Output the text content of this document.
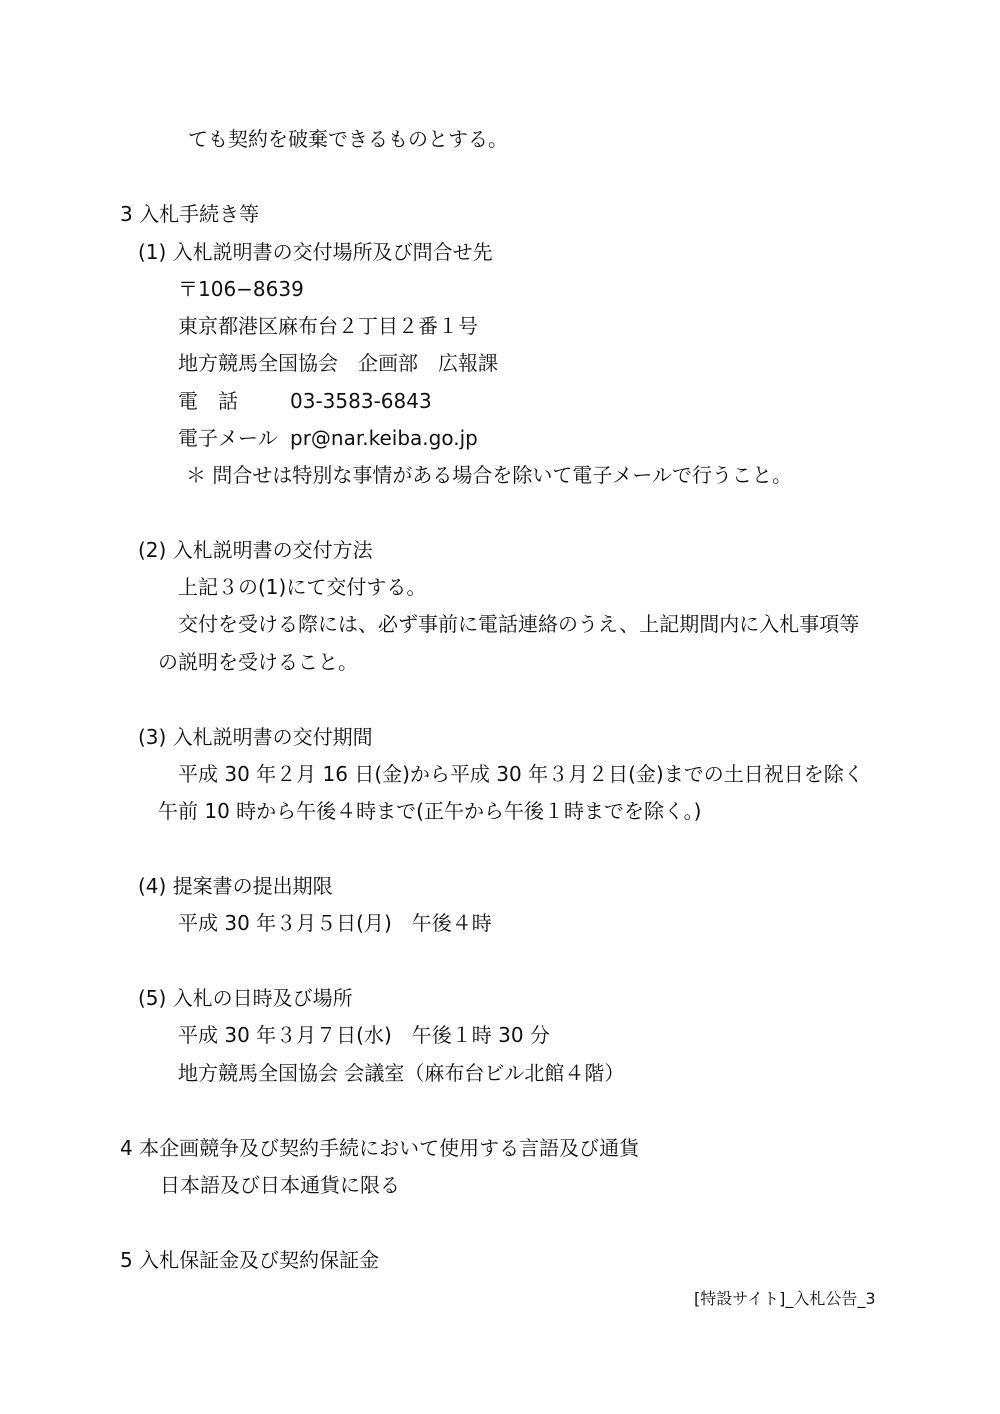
ても契約を破棄できるものとする。
3 入札手続き等
(1) 入札説明書の交付場所及び問合せ先
〒106−8639
東京都港区麻布台２丁目２番１号
地方競馬全国協会　企画部　広報課
電　話	03-3583-6843
電子メール pr@nar.keiba.go.jp
＊ 問合せは特別な事情がある場合を除いて電子メールで行うこと。
(2) 入札説明書の交付方法
上記３の(1)にて交付する。
交付を受ける際には、必ず事前に電話連絡のうえ、上記期間内に入札事項等
の説明を受けること。
(3) 入札説明書の交付期間
平成 30 年２月 16 日(金)から平成 30 年３月２日(金)までの土日祝日を除く
午前 10 時から午後４時まで(正午から午後１時までを除く。)
(4) 提案書の提出期限
平成 30 年３月５日(月)　午後４時
(5) 入札の日時及び場所
平成 30 年３月７日(水)　午後１時 30 分
地方競馬全国協会 会議室（麻布台ビル北館４階）
4 本企画競争及び契約手続において使用する言語及び通貨
日本語及び日本通貨に限る
5 入札保証金及び契約保証金
[特設サイト]_入札公告_3
